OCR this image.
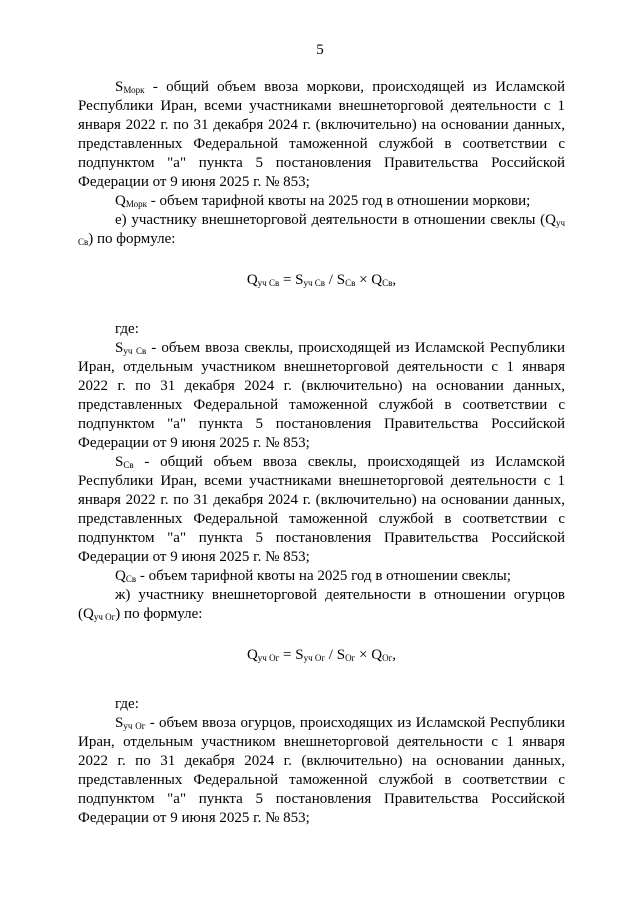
5

$S_{Морк}$ - общий объем ввоза моркови, происходящей из Исламской Республики Иран, всеми участниками внешнеторговой деятельности с 1 января 2022 г. по 31 декабря 2024 г. (включительно) на основании данных, представленных Федеральной таможенной службой в соответствии с подпунктом "а" пункта 5 постановления Правительства Российской Федерации от 9 июня 2025 г. № 853;

$Q_{Морк}$ - объем тарифной квоты на 2025 год в отношении моркови;

е) участнику внешнеторговой деятельности в отношении свеклы $(Q_{уч Св})$ по формуле:

$Q_{уч Св} = S_{уч Св} / S_{Св} \times Q_{Св}$,

где:

$S_{уч Св}$ - объем ввоза свеклы, происходящей из Исламской Республики Иран, отдельным участником внешнеторговой деятельности с 1 января 2022 г. по 31 декабря 2024 г. (включительно) на основании данных, представленных Федеральной таможенной службой в соответствии с подпунктом "а" пункта 5 постановления Правительства Российской Федерации от 9 июня 2025 г. № 853;

$S_{Св}$ - общий объем ввоза свеклы, происходящей из Исламской Республики Иран, всеми участниками внешнеторговой деятельности с 1 января 2022 г. по 31 декабря 2024 г. (включительно) на основании данных, представленных Федеральной таможенной службой в соответствии с подпунктом "а" пункта 5 постановления Правительства Российской Федерации от 9 июня 2025 г. № 853;

$Q_{Св}$ - объем тарифной квоты на 2025 год в отношении свеклы;

ж) участнику внешнеторговой деятельности в отношении огурцов $(Q_{уч Ог})$ по формуле:

$Q_{уч Ог} = S_{уч Ог} / S_{Ог} \times Q_{Ог}$,

где:

$S_{уч Ог}$ - объем ввоза огурцов, происходящих из Исламской Республики Иран, отдельным участником внешнеторговой деятельности с 1 января 2022 г. по 31 декабря 2024 г. (включительно) на основании данных, представленных Федеральной таможенной службой в соответствии с подпунктом "а" пункта 5 постановления Правительства Российской Федерации от 9 июня 2025 г. № 853;
